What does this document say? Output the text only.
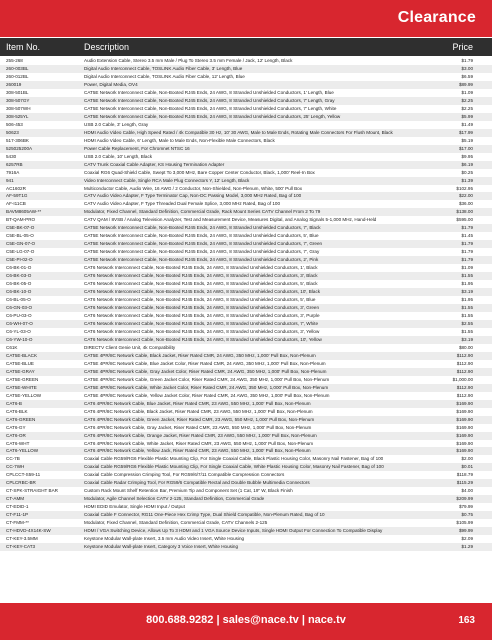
Clearance
Item No.	Description	Price
255-268	Audio Extension Cable, Stereo 3.5 mm Male / Plug To Stereo 3.5 mm Female / Jack, 12' Length, Black	$1.79
260-003BL	Digital Audio Interconnect Cable, TOSLINK Audio Fiber Cable, 3' Length, Blue	$3.00
260-012BL	Digital Audio Interconnect Cable, TOSLINK Audio Fiber Cable, 12' Length, Blue	$6.59
260019	Power, Digital Media, OV4	$89.99
308-501BL	CAT5E Network Interconnect Cable, Non-Booted RJ45 Ends, 24 AWG, 8 Stranded Unshielded Conductors, 1' Length, Blue	$1.09
308-507GY	CAT5E Network Interconnect Cable, Non-Booted RJ45 Ends, 24 AWG, 8 Stranded Unshielded Conductors, 7' Length, Gray	$2.25
308-507WH	CAT5E Network Interconnect Cable, Non-Booted RJ45 Ends, 24 AWG, 8 Stranded Unshielded Conductors, 7' Length, White	$2.25
308-525YL	CAT5E Network Interconnect Cable, Non-Booted RJ45 Ends, 24 AWG, 8 Stranded Unshielded Conductors, 25' Length, Yellow	$5.99
506-453	USB 2.0 Cable, 3' Length, Gray	$1.49
50623	HDMI Audio Video Cable, High Speed Rated / 4k Compatible 30 Hz, 10' 30 AWG, Male to Male Ends, Rotating Male Connectors For Flush Mount, Black	$17.99
517-306BK	HDMI Audio Video Cable, 6' Length, Male to Male Ends, Non-Flexible Male Connectors, Black	$5.19
525025200A	Power Cable Replacement, For Chromnet NTSC 16	$17.00
5430	USB 2.0 Cable, 10' Length, Black	$9.95
6257RB	CATV Trunk Coaxial Cable Adapter, KS Housing Termination Adapter	$6.19
7916A	Coaxial RG6 Quad-Shield Cable, Swept To 3,000 MHz, Bare Copper Center Conductor, Black, 1,000' Reel-In Box	$0.25
941	Video Interconnect Cable, Single RCA Male Plug Connectors Y, 12' Length, Black	$1.39
AC1602R	Multiconductor Cable, Audio Wire, 16 AWG / 2 Conductor, Non-Shielded, Non-Plenum, White, 500' Pull Box	$102.95
AF-59T1G	CATV Audio Video Adapter, F Type Terminator Cap, Non-DC Passing Model, 3,000 MHz Rated, Bag of 100	$22.00
AF-I11CB	CATV Audio Video Adapter, F Type Threaded Dual Female Splice, 3,000 MHz Rated, Bag of 100	$36.00
BAVM8605AW-**	Modulator, Fixed Channel, Standard Definition, Commercial Grade, Rack Mount Series CATV Channel From 2 To 79	$138.00
BT-QAM-PRO	CATV QAM / 8VSB / Analog Television Analyzer, Test and Measurement Device, Measures Digital, and Analog Signals 5-1,000 MHz, Hand-Held	$595.00
C5E-BK-07-O	CAT5E Network Interconnect Cable, Non-Booted RJ45 Ends, 24 AWG, 8 Stranded Unshielded Conductors, 7', Black	$1.79
C5E-BL-05-O	CAT5E Network Interconnect Cable, Non-Booted RJ45 Ends, 24 AWG, 8 Stranded Unshielded Conductors, 5', Blue	$1.45
C5E-GN-07-O	CAT5E Network Interconnect Cable, Non-Booted RJ45 Ends, 24 AWG, 8 Stranded Unshielded Conductors, 7', Green	$1.79
C5E-LG-07-O	CAT5E Network Interconnect Cable, Non-Booted RJ45 Ends, 24 AWG, 8 Stranded Unshielded Conductors, 7', Gray	$1.79
C5E-PI-02-O	CAT5E Network Interconnect Cable, Non-Booted RJ45 Ends, 24 AWG, 8 Stranded Unshielded Conductors, 2', Pink	$1.79
C6-BK-01-O	CAT6 Network Interconnect Cable, Non-Booted RJ45 Ends, 24 AWG, 8 Stranded Unshielded Conductors, 1', Black	$1.09
C6-BK-03-O	CAT6 Network Interconnect Cable, Non-Booted RJ45 Ends, 24 AWG, 8 Stranded Unshielded Conductors, 3', Black	$1.55
C6-BK-05-O	CAT6 Network Interconnect Cable, Non-Booted RJ45 Ends, 24 AWG, 8 Stranded Unshielded Conductors, 5', Black	$1.95
C6-BK-10-O	CAT6 Network Interconnect Cable, Non-Booted RJ45 Ends, 24 AWG, 8 Stranded Unshielded Conductors, 10', Black	$3.19
C6-BL-05-O	CAT6 Network Interconnect Cable, Non-Booted RJ45 Ends, 24 AWG, 8 Stranded Unshielded Conductors, 5', Blue	$1.95
C6-GN-03-O	CAT6 Network Interconnect Cable, Non-Booted RJ45 Ends, 24 AWG, 8 Stranded Unshielded Conductors, 3', Green	$1.55
C6-PU-03-O	CAT6 Network Interconnect Cable, Non-Booted RJ45 Ends, 24 AWG, 8 Stranded Unshielded Conductors, 3', Purple	$1.55
C6-WH-07-O	CAT6 Network Interconnect Cable, Non-Booted RJ45 Ends, 24 AWG, 8 Stranded Unshielded Conductors, 7', White	$2.55
C6-YL-03-O	CAT6 Network Interconnect Cable, Non-Booted RJ45 Ends, 24 AWG, 8 Stranded Unshielded Conductors, 3', Yellow	$1.55
C6-YW-10-O	CAT6 Network Interconnect Cable, Non-Booted RJ45 Ends, 24 AWG, 8 Stranded Unshielded Conductors, 10', Yellow	$3.19
C61K	DIRECTV Client Genie Unit, 4k Compatibility	$80.00
CAT5E-BLACK	CAT5E 4PR/8C Network Cable, Black Jacket, Riser Rated CMR, 24 AWG, 350 MHz, 1,000' Pull Box, Non-Plenum	$112.90
CAT5E-BLUE	CAT5E 4PR/8C Network Cable, Blue Jacket Color, Riser Rated CMR, 24 AWG, 350 MHz, 1,000' Pull Box, Non-Plenum	$112.90
CAT5E-GRAY	CAT5E 4PR/8C Network Cable, Gray Jacket Color, Riser Rated CMR, 24 AWG, 350 MHz, 1,000' Pull Box, Non-Plenum	$112.90
CAT5E-GREEN	CAT5E 4PR/8C Network Cable, Green Jacket Color, Riser Rated CMR, 24 AWG, 350 MHz, 1,000' Pull Box, Non-Plenum	$1,000.00
CAT5E-WHITE	CAT5E 4PR/8C Network Cable, White Jacket Color, Riser Rated CMR, 24 AWG, 350 MHz, 1,000' Pull Box, Non-Plenum	$112.90
CAT5E-YELLOW	CAT5E 4PR/8C Network Cable, Yellow Jacket Color, Riser Rated CMR, 24 AWG, 350 MHz, 1,000' Pull Box, Non-Plenum	$112.90
CAT6-B	CAT6 4PR/8C Network Cable, Blue Jacket, Riser Rated CMR, 23 AWG, 550 MHz, 1,000' Pull Box, Non-Plenum	$169.90
CAT6-BLK	CAT6 4PR/8C Network Cable, Black Jacket, Riser Rated CMR, 23 AWG, 550 MHz, 1,000' Pull Box, Non-Plenum	$169.90
CAT6-GREEN	CAT6 4PR/8C Network Cable, Green Jacket, Riser Rated CMR, 23 AWG, 550 MHz, 1,000' Pull Box, Non-Plenum	$169.90
CAT6-GY	CAT6 4PR/8C Network Cable, Gray Jacket, Riser Rated CMR, 23 AWG, 550 MHz, 1,000' Pull Box, Non-Plenum	$169.90
CAT6-OR	CAT6 4PR/8C Network Cable, Orange Jacket, Riser Rated CMR, 23 AWG, 550 MHz, 1,000' Pull Box, Non-Plenum	$169.90
CAT6-WHT	CAT6 4PR/8C Network Cable, White Jacket, Riser Rated CMR, 23 AWG, 550 MHz, 1,000' Pull Box, Non-Plenum	$169.90
CAT6-YELLOW	CAT6 4PR/8C Network Cable, Yellow Jack, Riser Rated CMR, 23 AWG, 550 MHz, 1,000' Pull Box, Non-Plenum	$169.90
CC-7B	Coaxial Cable RG59/RG6 Flexible Plastic Mounting Clip, For Single Coaxial Cable, Black Plastic Housing Color, Masonry Nail Fastener, Bag of 100	$2.00
CC-7WH	Coaxial Cable RG59/RG6 Flexible Plastic Mounting Clip, For Single Coaxial Cable, White Plastic Housing Color, Masonry Nail Fastener, Bag of 100	$0.01
CPLCCT-S59-11	Coaxial Cable Compression Crimping Tool, For RG59/6/7/11 Compatible Compression Connectors	$118.79
CPLCRBC-BR	Coaxial Cable Radar Crimping Tool, For RG59/6 Compatible Rectal and Double Bubble Multimedia Connectors	$115.29
CT-SPK-STRAIGHT BAR	Custom Rack Mount Shelf Retention Bar, Premium Tip and Component Set (1 Cat, 19" W, Black Finish	$4.00
CT-AMM	Modulator, Agile Channel Selection CATV 2-125, Standard Definition, Commercial Grade	$209.99
CT-EDID-1	HDMI EDID Emulator, Single HDMI Input / Output	$79.99
CT-F11-1P	Coaxial Cable F Connector, RG11 One-Piece Hex Crimp Type, Dual Shield Compatible, Non-Plenum Rated, Bag of 10	$0.75
CT-FMM-**	Modulator, Fixed Channel, Standard Definition, Commercial Grade, CATV Channels 2-125	$105.99
CT-HDVD-4X14K-SW	HDMI / VGA Switching Device, Allows Up To 3 HDMI and 1 VGA Source Device Inputs, Single HDMI Output For Connection To Compatible Display	$99.99
CT-KEY-3.5MM	Keystone Modular Wall-plate Insert, 3.5 mm Audio Video Insert, White Housing	$2.09
CT-KEY-CAT3	Keystone Modular Wall-plate Insert, Category 3 Voice Insert, White Housing	$1.29
800.688.9282 | sales@nace.tv | nace.tv	163
